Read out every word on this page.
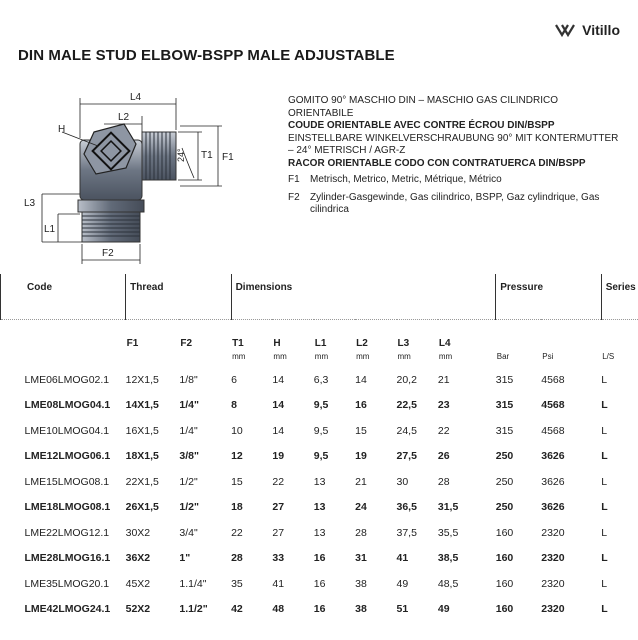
Vitillo
DIN MALE STUD ELBOW-BSPP MALE ADJUSTABLE
L4
L2
H
24° T1 F1
L3
L1
F2
GOMITO 90° MASCHIO DIN – MASCHIO GAS CILINDRICO ORIENTABILE
COUDE ORIENTABLE AVEC CONTRE ÉCROU DIN/BSPP
EINSTELLBARE WINKELVERSCHRAUBUNG 90° MIT KONTERMUTTER – 24° METRISCH / AGR-Z
RACOR ORIENTABLE CODO CON CONTRATUERCA DIN/BSPP
F1	Metrisch, Metrico, Metric, Métrique, Métrico
F2	Zylinder-Gasgewinde, Gas cilindrico, BSPP, Gaz cylindrique, Gas cilindrica
Code	Thread		Dimensions						Pressure		Series

	F1	F2	T1	H	L1	L2	L3	L4			
			mm	mm	mm	mm	mm	mm	Bar	Psi	L/S
LME06LMOG02.1	12X1,5	1/8"	6	14	6,3	14	20,2	21	315	4568	L
LME08LMOG04.1	14X1,5	1/4"	8	14	9,5	16	22,5	23	315	4568	L
LME10LMOG04.1	16X1,5	1/4"	10	14	9,5	15	24,5	22	315	4568	L
LME12LMOG06.1	18X1,5	3/8"	12	19	9,5	19	27,5	26	250	3626	L
LME15LMOG08.1	22X1,5	1/2"	15	22	13	21	30	28	250	3626	L
LME18LMOG08.1	26X1,5	1/2"	18	27	13	24	36,5	31,5	250	3626	L
LME22LMOG12.1	30X2	3/4"	22	27	13	28	37,5	35,5	160	2320	L
LME28LMOG16.1	36X2	1"	28	33	16	31	41	38,5	160	2320	L
LME35LMOG20.1	45X2	1.1/4"	35	41	16	38	49	48,5	160	2320	L
LME42LMOG24.1	52X2	1.1/2"	42	48	16	38	51	49	160	2320	L
